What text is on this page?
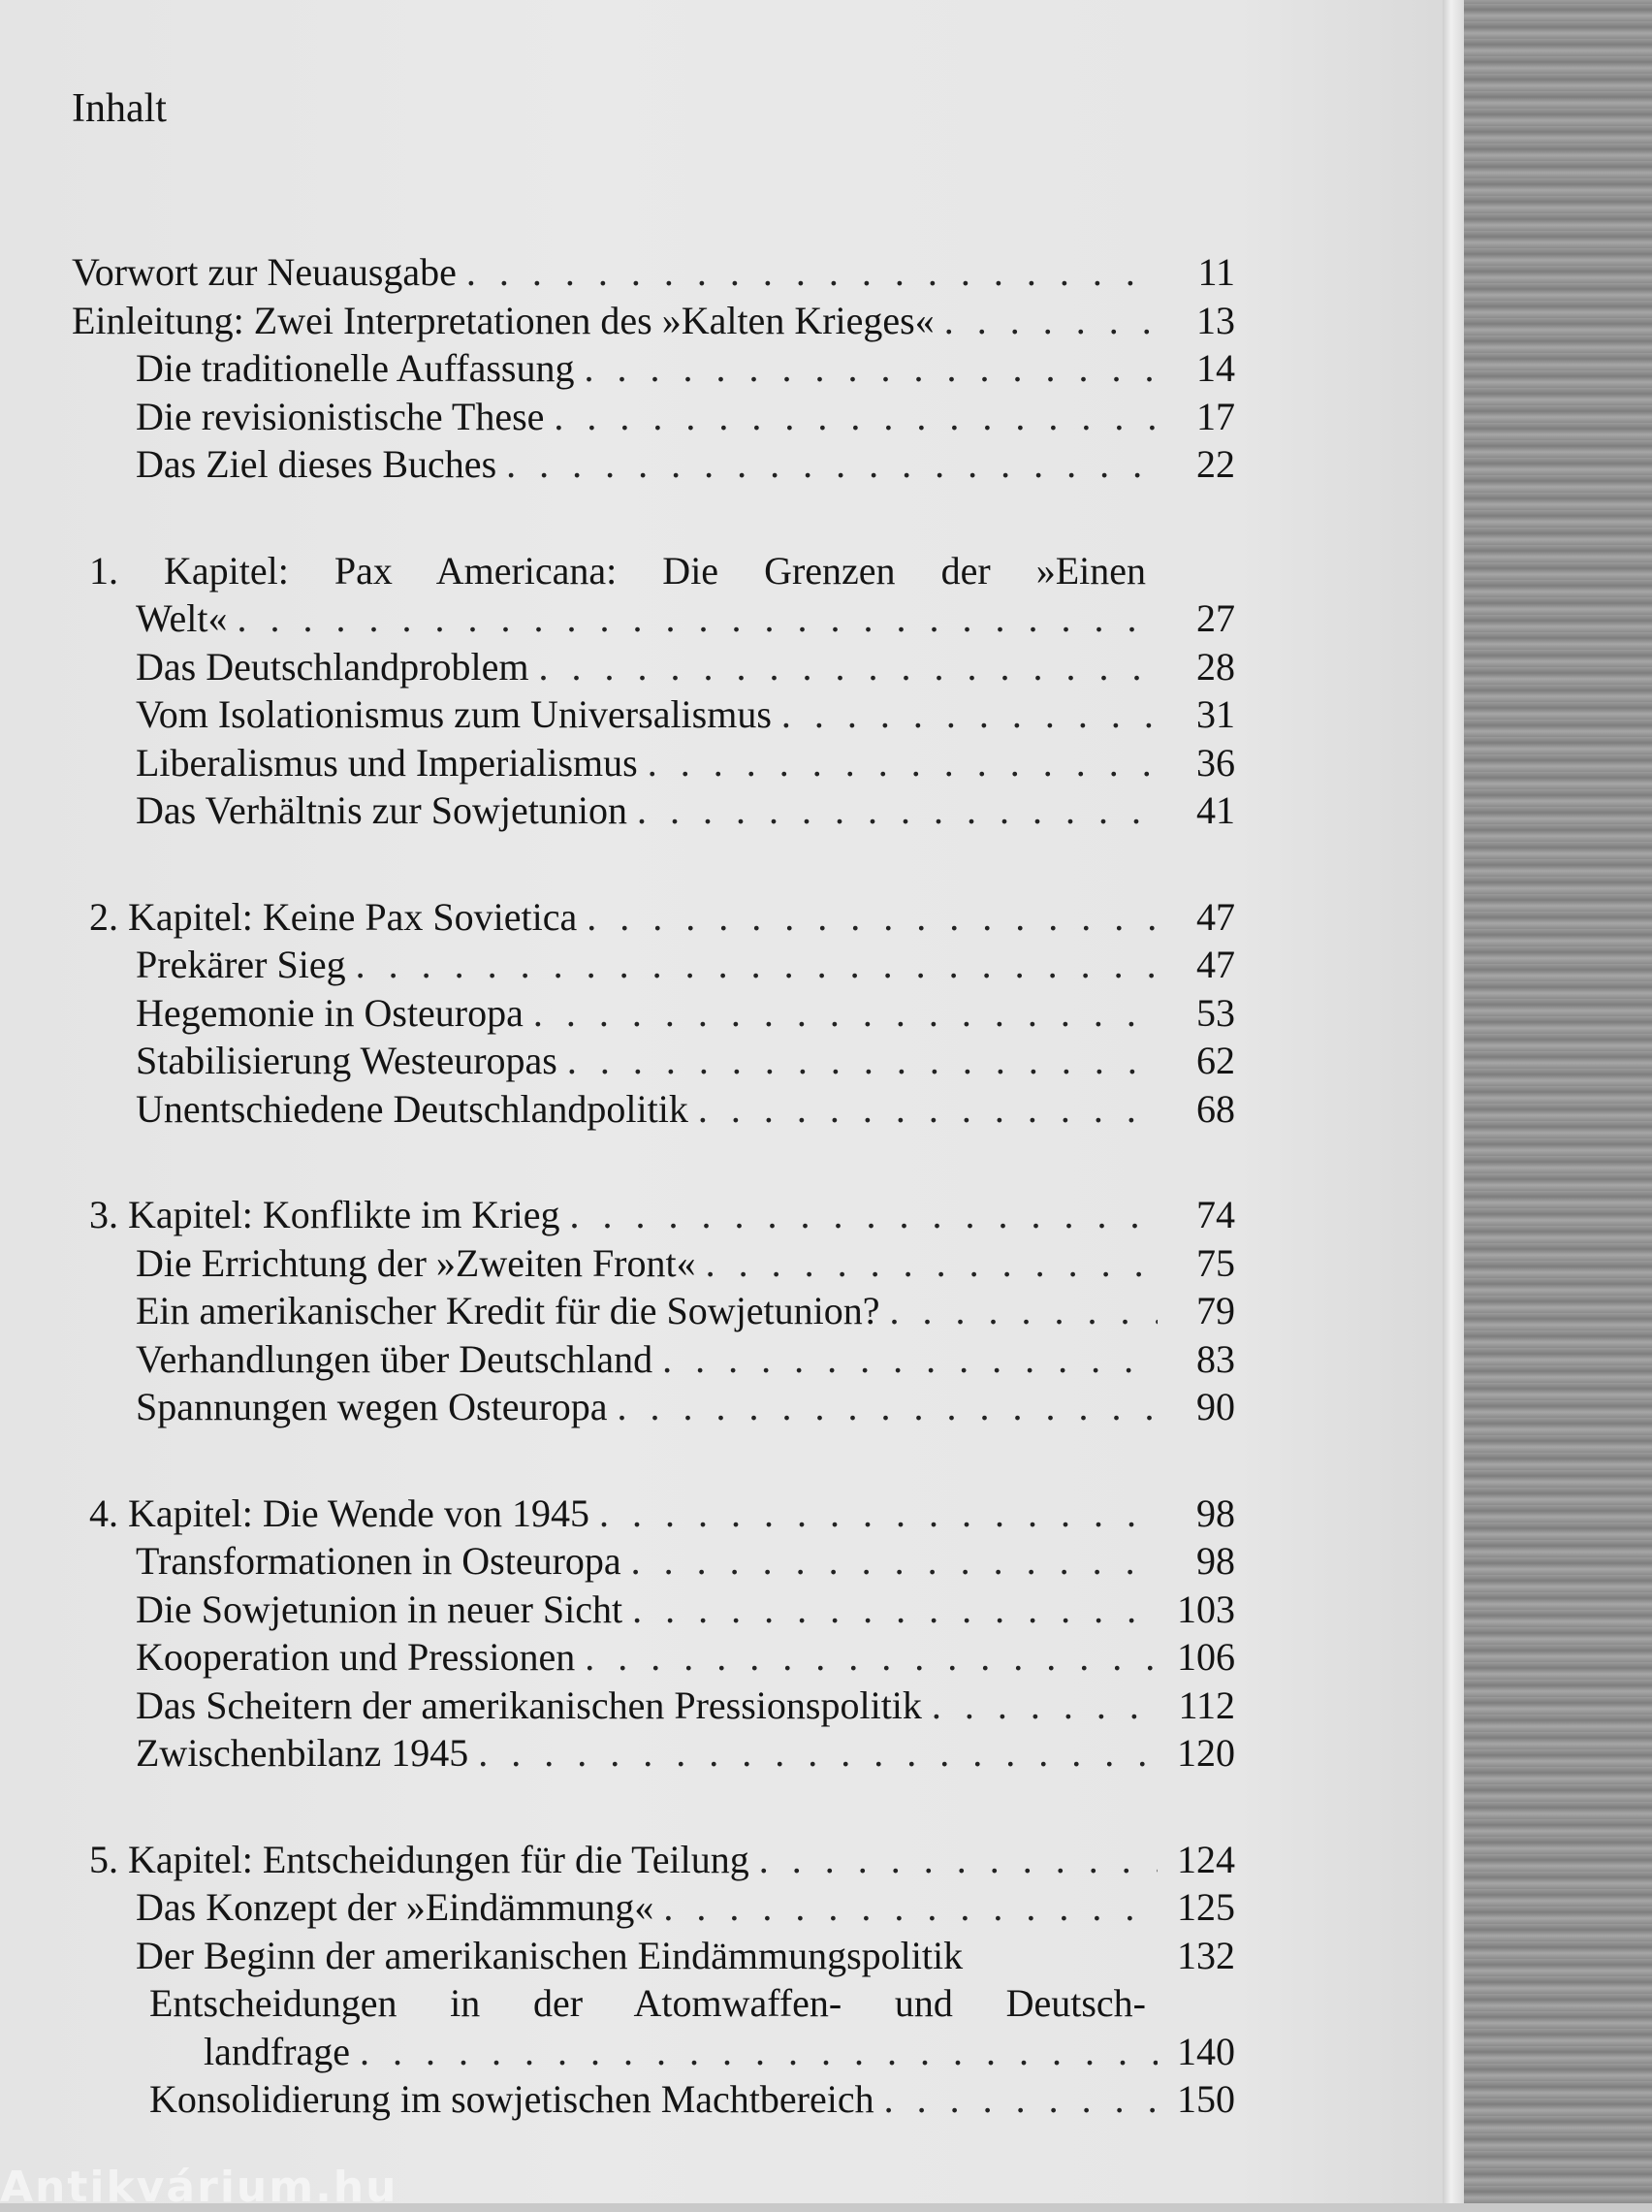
Inhalt
Vorwort zur Neuausgabe . . .	11
Einleitung: Zwei Interpretationen des »Kalten Krieges« . . .	13
Die traditionelle Auffassung . . .	14
Die revisionistische These . . .	17
Das Ziel dieses Buches . . .	22
1. Kapitel: Pax Americana: Die Grenzen der »Einen
Welt« . . .	27
Das Deutschlandproblem . . .	28
Vom Isolationismus zum Universalismus . . .	31
Liberalismus und Imperialismus . . .	36
Das Verhältnis zur Sowjetunion . . .	41
2. Kapitel: Keine Pax Sovietica . . .	47
Prekärer Sieg . . .	47
Hegemonie in Osteuropa . . .	53
Stabilisierung Westeuropas . . .	62
Unentschiedene Deutschlandpolitik . . .	68
3. Kapitel: Konflikte im Krieg . . .	74
Die Errichtung der »Zweiten Front« . . .	75
Ein amerikanischer Kredit für die Sowjetunion? . . .	79
Verhandlungen über Deutschland . . .	83
Spannungen wegen Osteuropa . . .	90
4. Kapitel: Die Wende von 1945 . . .	98
Transformationen in Osteuropa . . .	98
Die Sowjetunion in neuer Sicht . . .	103
Kooperation und Pressionen . . .	106
Das Scheitern der amerikanischen Pressionspolitik . . .	112
Zwischenbilanz 1945 . . .	120
5. Kapitel: Entscheidungen für die Teilung . . .	124
Das Konzept der »Eindämmung« . . .	125
Der Beginn der amerikanischen Eindämmungspolitik	132
Entscheidungen in der Atomwaffen- und Deutsch-
landfrage . . .	140
Konsolidierung im sowjetischen Machtbereich . . .	150
Antikvárium.hu
